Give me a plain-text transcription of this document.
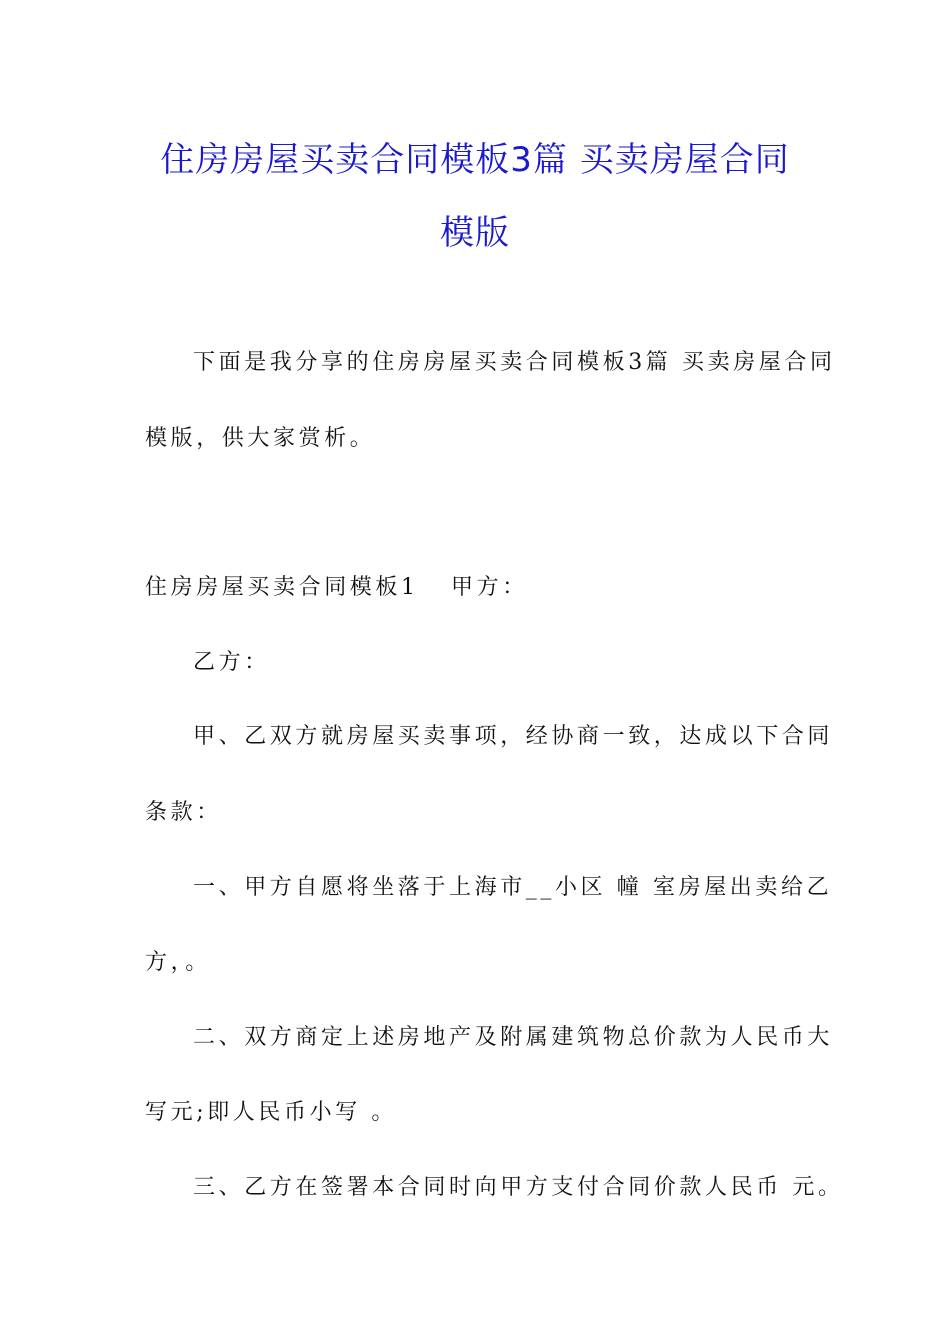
住房房屋买卖合同模板3篇 买卖房屋合同
模版
下面是我分享的住房房屋买卖合同模板3篇 买卖房屋合同
模版，供大家赏析。
住房房屋买卖合同模板1 甲方：
乙方：
甲、乙双方就房屋买卖事项，经协商一致，达成以下合同
条款：
一、甲方自愿将坐落于上海市__小区 幢 室房屋出卖给乙
方，。
二、双方商定上述房地产及附属建筑物总价款为人民币大
写元;即人民币小写 。
三、乙方在签署本合同时向甲方支付合同价款人民币 元。
